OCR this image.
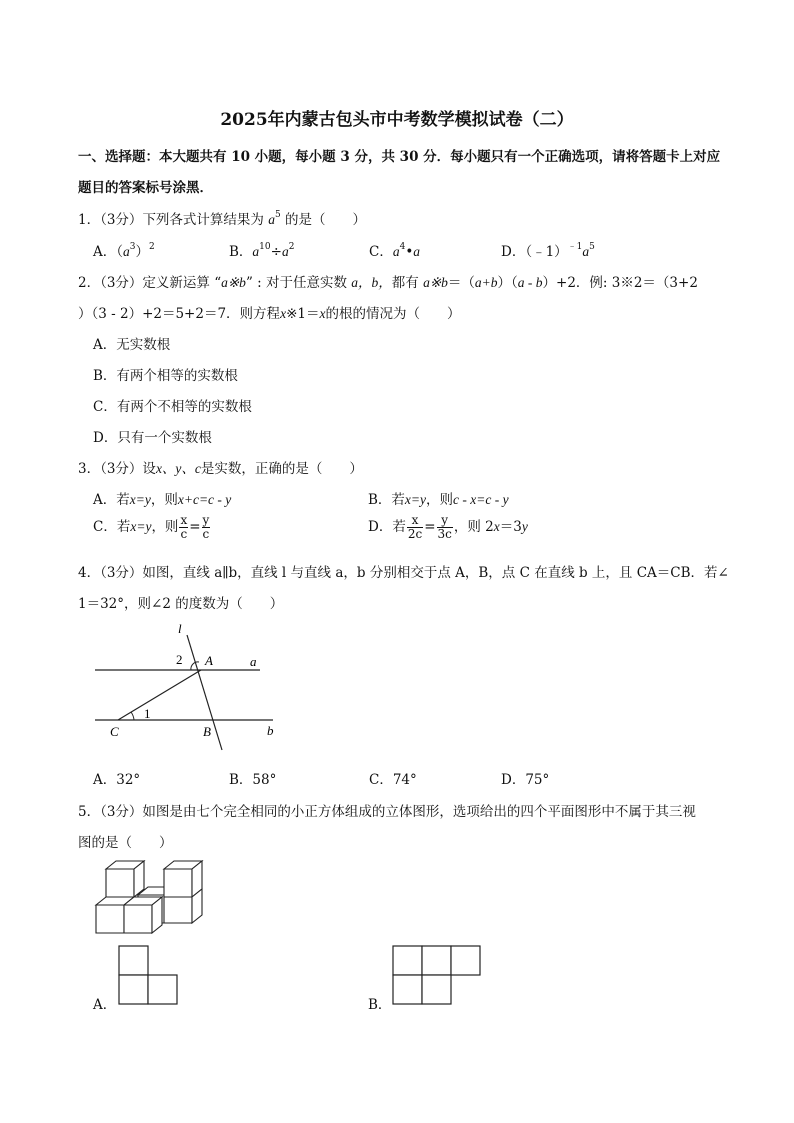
2025年内蒙古包头市中考数学模拟试卷（二）
一、选择题：本大题共有 10 小题，每小题 3 分，共 30 分．每小题只有一个正确选项，请将答题卡上对应
题目的答案标号涂黑．
1．（3分）下列各式计算结果为 $a^5$ 的是（　　）
A．$(a^3)^2$	B．$a^{10}\div a^2$	C．$a^4•a$	D．$(﹣1)^{﹣1}a^5$
2．（3分）定义新运算 “a※b” : 对于任意实数 a，b，都有 a※b＝（a+b）（a - b）+2．例: 3※2＝（3+2
）（3 - 2）+2＝5+2＝7．则方程x※1＝x的根的情况为（　　）
A．无实数根
B．有两个相等的实数根
C．有两个不相等的实数根
D．只有一个实数根
3．（3分）设x、y、c是实数，正确的是（　　）
A．若x=y，则x+c=c - y	B．若x=y，则c - x=c - y
C．若x=y，则 $\frac{x}{c} = \frac{y}{c}$	D．若 $\frac{x}{2c} = \frac{y}{3c}$ ，则 2x＝3y
4．（3分）如图，直线 a∥b，直线 l 与直线 a，b 分别相交于点 A，B，点 C 在直线 b 上，且 CA＝CB．若∠
1＝32°，则∠2 的度数为（　　）
l
a
b
A
B
C
1
2
A．32°	B．58°	C．74°	D．75°
5．（3分）如图是由七个完全相同的小正方体组成的立体图形，选项给出的四个平面图形中不属于其三视
图的是（　　）
A．	B．
